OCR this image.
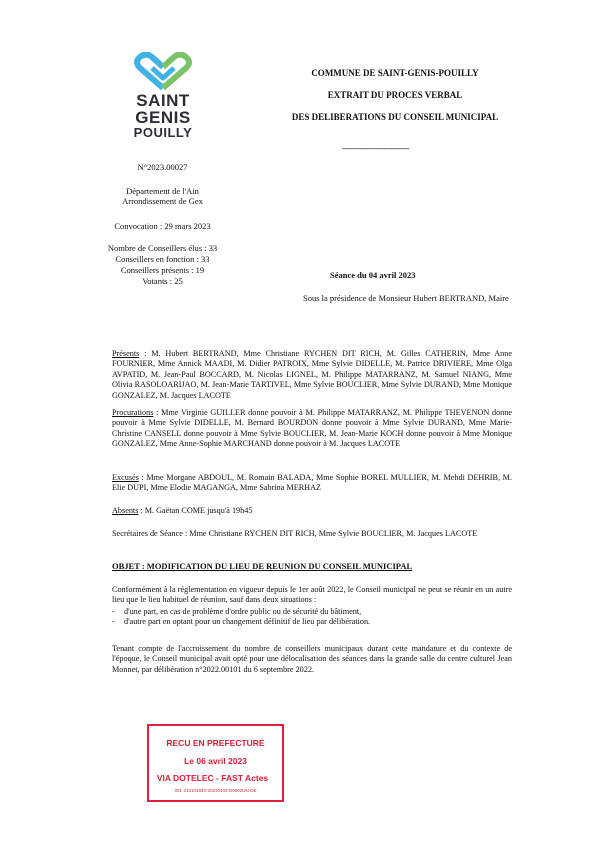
SAINT
GENIS
POUILLY
COMMUNE DE SAINT-GENIS-POUILLY
EXTRAIT DU PROCES VERBAL
DES DELIBERATIONS DU CONSEIL MUNICIPAL
-------------------------------
N°2023.00027
Département de l'Ain
Arrondissement de Gex
Convocation : 29 mars 2023
Nombre de Conseillers élus : 33
Conseillers en fonction : 33
Conseillers présents : 19
Votants : 25
Séance du 04 avril 2023
Sous la présidence de Monsieur Hubert BERTRAND, Maire
Présents : M. Hubert BERTRAND, Mme Christiane RYCHEN DIT RICH, M. Gilles CATHERIN, Mme Anne FOURNIER, Mme Annick MAADI, M. Didier PATROIX, Mme Sylvie DIDELLE, M. Patrice DRIVIERE, Mme Olga AVPATID, M. Jean-Paul BOCCARD, M. Nicolas LIGNEL, M. Philippe MATARRANZ, M. Samuel NIANG, Mme Olivia RASOLOARIJAO, M. Jean-Marie TARTIVEL, Mme Sylvie BOUCLIER, Mme Sylvie DURAND, Mme Monique GONZALEZ, M. Jacques LACOTE
Procurations : Mme Virginie GUILLER donne pouvoir à M. Philippe MATARRANZ, M. Philippe THEVENON donne pouvoir à Mme Sylvie DIDELLE, M. Bernard BOURDON donne pouvoir à Mme Sylvie DURAND, Mme Marie-Christine CANSELL donne pouvoir à Mme Sylvie BOUCLIER, M. Jean-Marie KOCH donne pouvoir à Mme Monique GONZALEZ, Mme Anne-Sophie MARCHAND donne pouvoir à M. Jacques LACOTE
Excusés : Mme Morgane ABDOUL, M. Romain BALADA, Mme Sophie BOREL MULLIER, M. Mehdi DEHRIB, M. Elie DUPI, Mme Elodie MAGANGA, Mme Sabrina MERHAZ
Absents : M. Gaëtan COME jusqu'à 19h45
Secrétaires de Séance : Mme Christiane RYCHEN DIT RICH, Mme Sylvie BOUCLIER, M. Jacques LACOTE
OBJET : MODIFICATION DU LIEU DE REUNION DU CONSEIL MUNICIPAL
Conformément à la réglementation en vigueur depuis le 1er août 2022, le Conseil municipal ne peut se réunir en un autre lieu que le lieu habituel de réunion, sauf dans deux situations :
- d'une part, en cas de problème d'ordre public ou de sécurité du bâtiment,
- d'autre part en optant pour un changement définitif de lieu par délibération.
Tenant compte de l'accroissement du nombre de conseillers municipaux durant cette mandature et du contexte de l'époque, le Conseil municipal avait opté pour une délocalisation des séances dans la grande salle du centre culturel Jean Monnet, par délibération n°2022.00101 du 6 septembre 2022.
RECU EN PREFECTURE
Le 06 avril 2023
VIA DOTELEC - FAST Actes
001-210101840-20230404-D0002UN-DE
